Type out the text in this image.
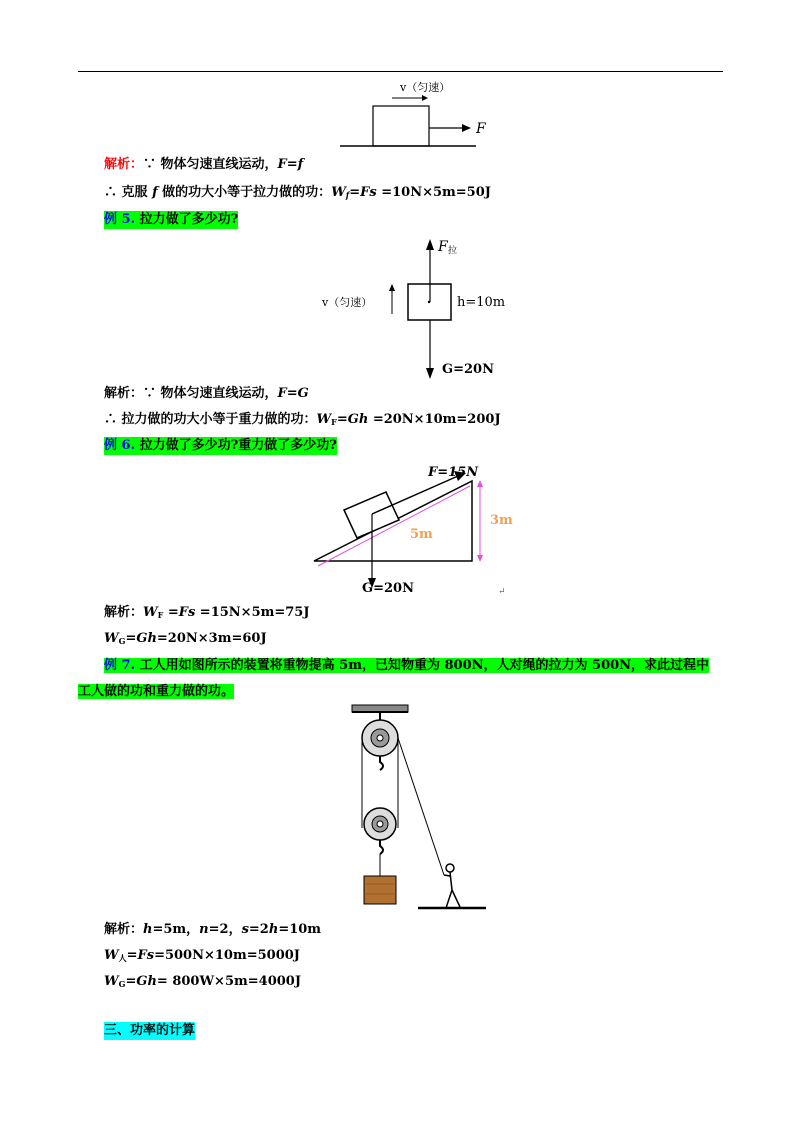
v（匀速）
F
解析：∵ 物体匀速直线运动，F=f
∴ 克服 f 做的功大小等于拉力做的功：$W_f=Fs =10N\times 5m=50J$
例 5. 拉力做了多少功?
F 拉
v（匀速）	h=10m
G=20N
解析：∵ 物体匀速直线运动，F=G
∴ 拉力做的功大小等于重力做的功：$W_F=Gh =20N\times 10m=200J$
例 6. 拉力做了多少功?重力做了多少功?
5m
3m
F=15N
G=20N	↵
解析：$W_F =Fs =15N\times 5m=75J$
$W_G=Gh=20N\times 3m=60J$
例 7. 工人用如图所示的装置将重物提高 5m，已知物重为 800N，人对绳的拉力为 500N，求此过程中
工人做的功和重力做的功。
解析：h=5m，n=2，s=2h=10m
$W_人=Fs=500N\times 10m=5000J$
$W_G=Gh= 800W\times 5m=4000J$
三、功率的计算
